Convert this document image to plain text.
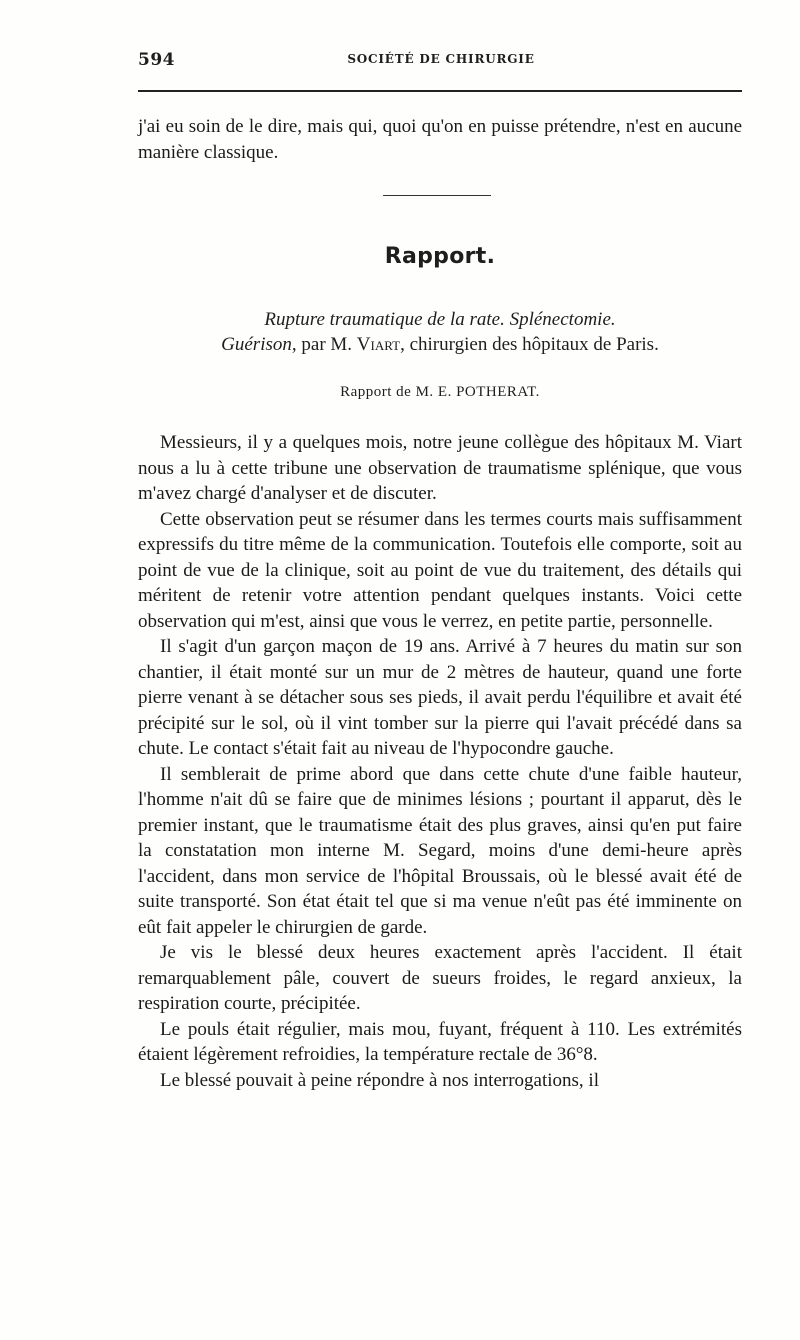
594	SOCIÉTÉ DE CHIRURGIE

j'ai eu soin de le dire, mais qui, quoi qu'on en puisse prétendre, n'est en aucune manière classique.

Rapport.
Rupture traumatique de la rate. Splénectomie.
Guérison, par M. Viart, chirurgien des hôpitaux de Paris.
Rapport de M. E. POTHERAT.

Messieurs, il y a quelques mois, notre jeune collègue des hôpitaux M. Viart nous a lu à cette tribune une observation de traumatisme splénique, que vous m'avez chargé d'analyser et de discuter.

Cette observation peut se résumer dans les termes courts mais suffisamment expressifs du titre même de la communication. Toutefois elle comporte, soit au point de vue de la clinique, soit au point de vue du traitement, des détails qui méritent de retenir votre attention pendant quelques instants. Voici cette observation qui m'est, ainsi que vous le verrez, en petite partie, personnelle.

Il s'agit d'un garçon maçon de 19 ans. Arrivé à 7 heures du matin sur son chantier, il était monté sur un mur de 2 mètres de hauteur, quand une forte pierre venant à se détacher sous ses pieds, il avait perdu l'équilibre et avait été précipité sur le sol, où il vint tomber sur la pierre qui l'avait précédé dans sa chute. Le contact s'était fait au niveau de l'hypocondre gauche.

Il semblerait de prime abord que dans cette chute d'une faible hauteur, l'homme n'ait dû se faire que de minimes lésions ; pourtant il apparut, dès le premier instant, que le traumatisme était des plus graves, ainsi qu'en put faire la constatation mon interne M. Segard, moins d'une demi-heure après l'accident, dans mon service de l'hôpital Broussais, où le blessé avait été de suite transporté. Son état était tel que si ma venue n'eût pas été imminente on eût fait appeler le chirurgien de garde.

Je vis le blessé deux heures exactement après l'accident. Il était remarquablement pâle, couvert de sueurs froides, le regard anxieux, la respiration courte, précipitée.

Le pouls était régulier, mais mou, fuyant, fréquent à 110. Les extrémités étaient légèrement refroidies, la température rectale de 36°8.

Le blessé pouvait à peine répondre à nos interrogations, il
